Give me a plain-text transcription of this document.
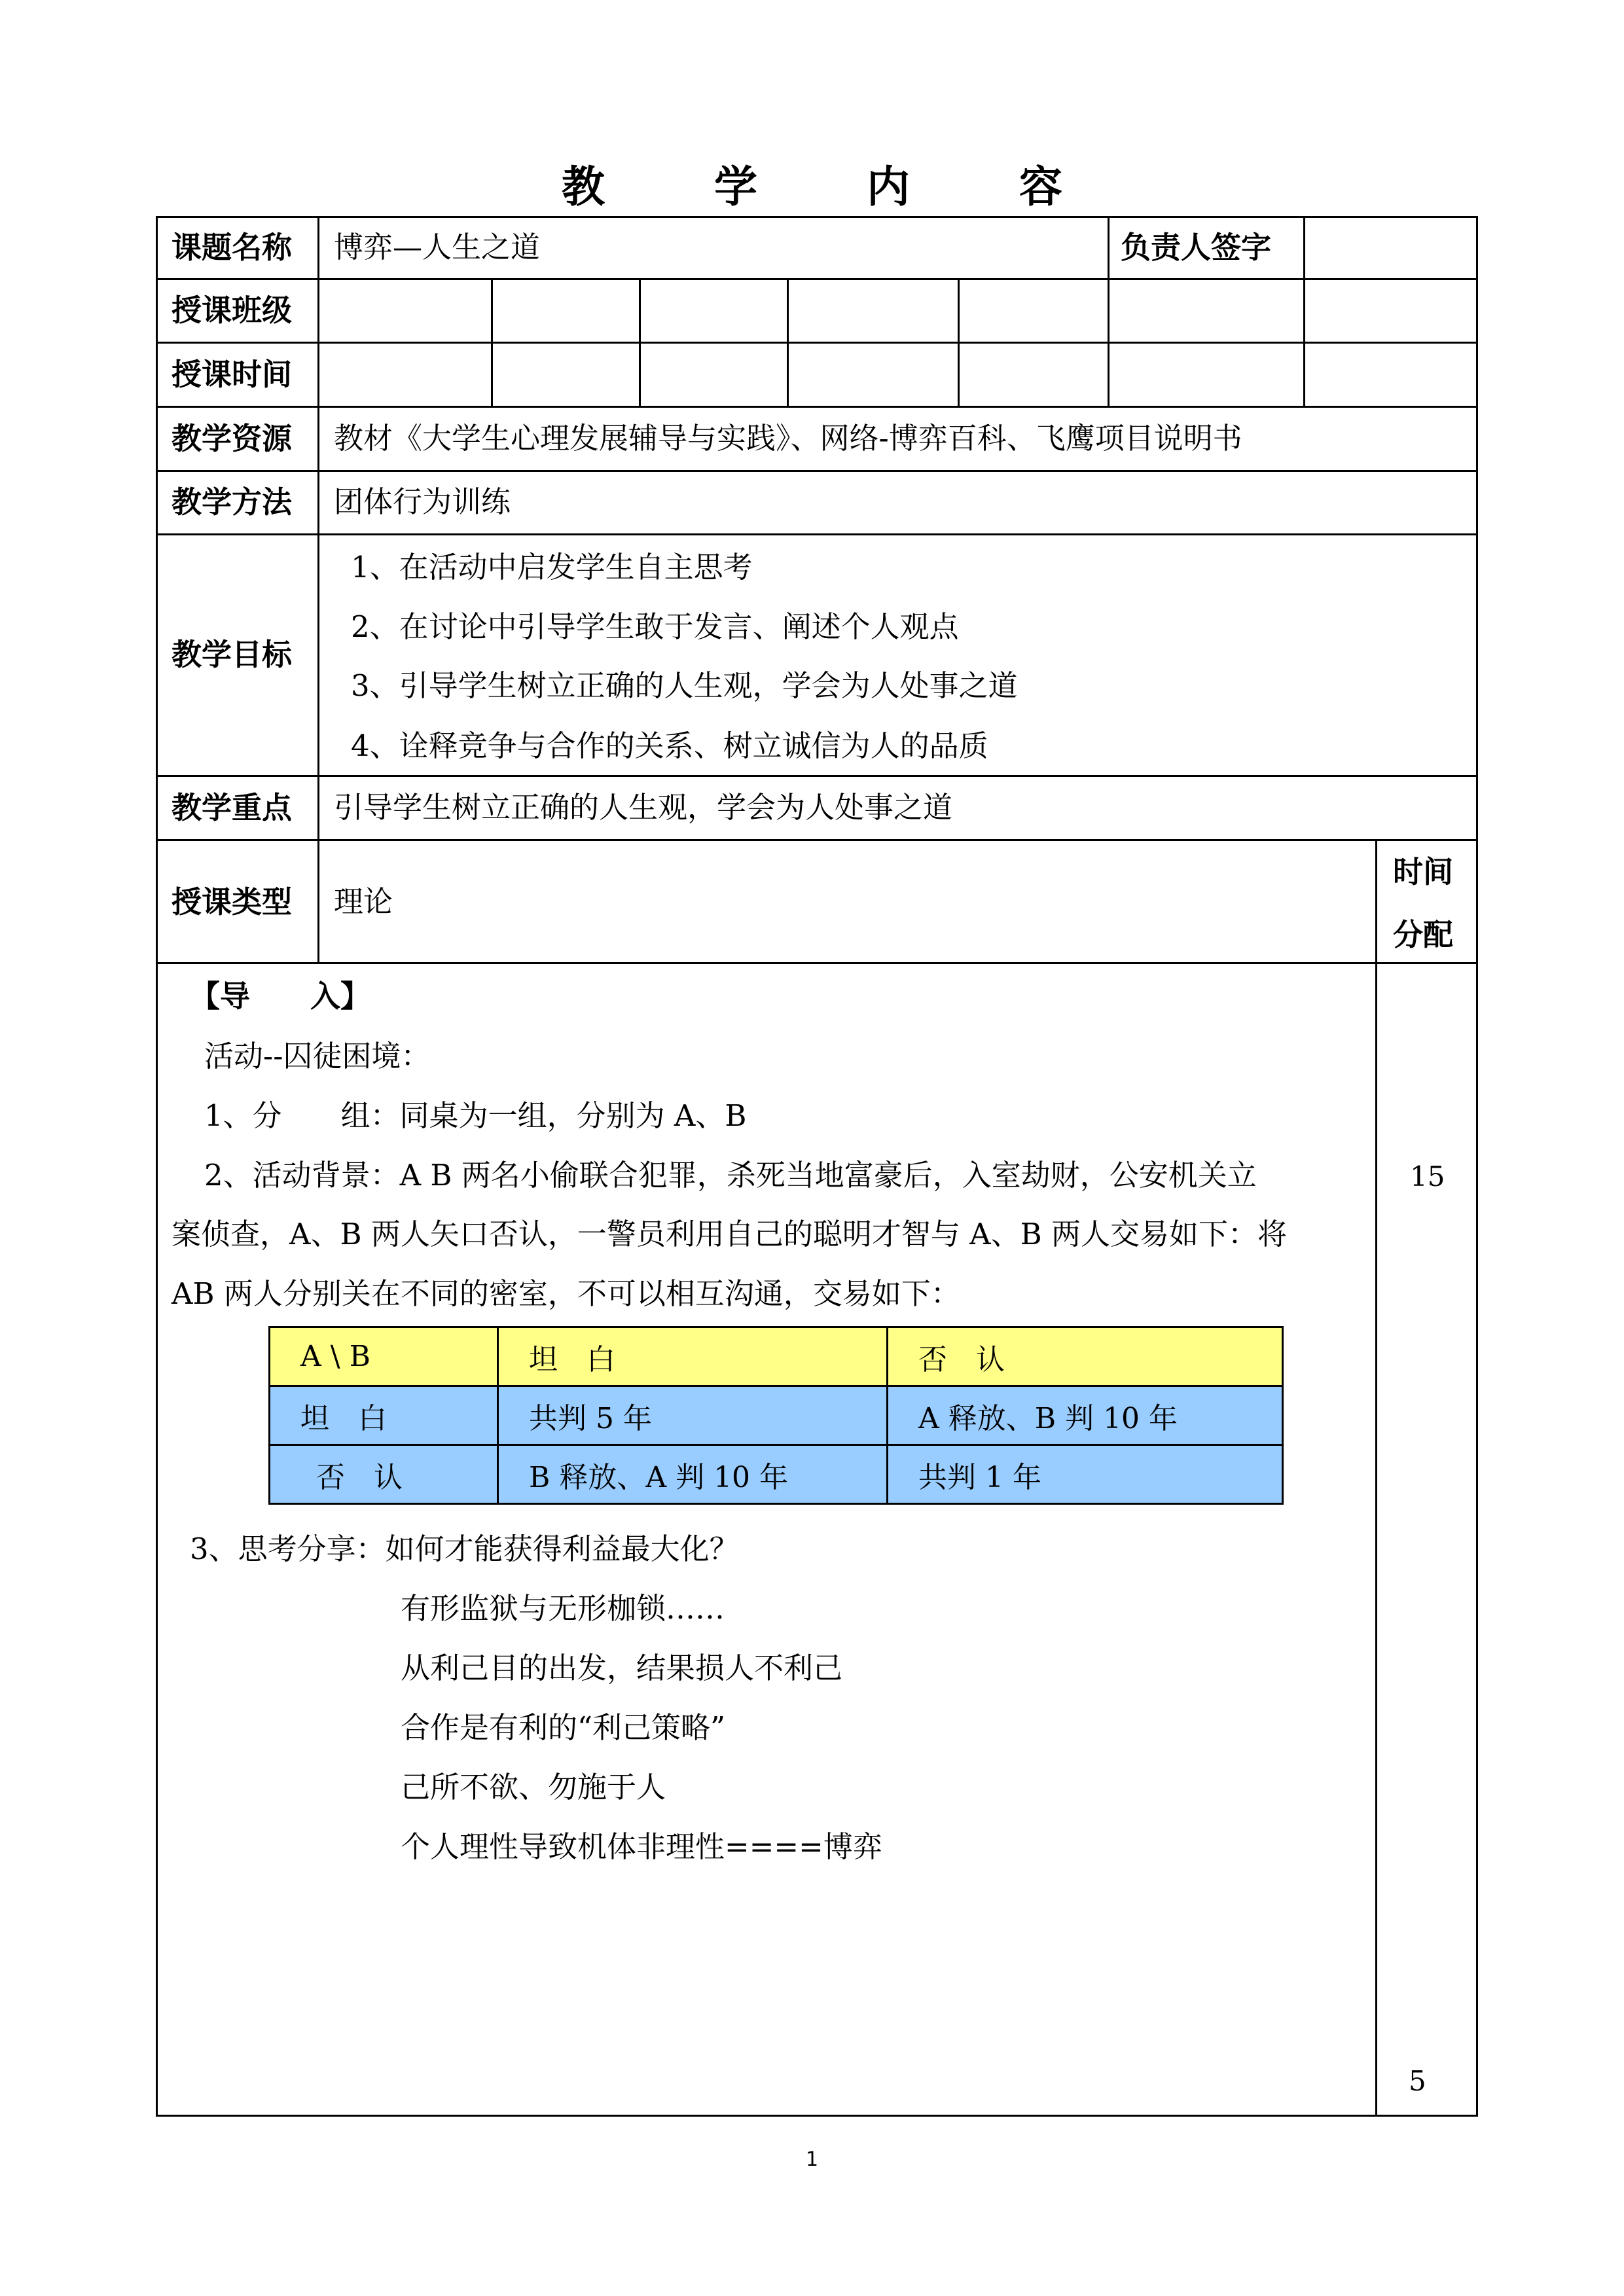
教 学 内 容
课题名称 博弈—人生之道	负责人签字
授课班级
授课时间
教学资源 教材《大学生心理发展辅导与实践》、网络-博弈百科、飞鹰项目说明书
教学方法 团体行为训练
教学目标
1、在活动中启发学生自主思考
2、在讨论中引导学生敢于发言、阐述个人观点
3、引导学生树立正确的人生观，学会为人处事之道
4、诠释竞争与合作的关系、树立诚信为人的品质
教学重点 引导学生树立正确的人生观，学会为人处事之道
授课类型 理论
时间
分配
【导　　入】
活动--囚徒困境：
1、分　　组：同桌为一组，分别为 A、B
2、活动背景：A B 两名小偷联合犯罪，杀死当地富豪后，入室劫财，公安机关立
案侦查，A、B 两人矢口否认，一警员利用自己的聪明才智与 A、B 两人交易如下：将
AB 两人分别关在不同的密室，不可以相互沟通，交易如下：
15
A \ B	坦　白	否　认
坦　白	共判 5 年	A 释放、B 判 10 年
否　认	B 释放、A 判 10 年	共判 1 年
3、思考分享：如何才能获得利益最大化？
有形监狱与无形枷锁……
从利己目的出发，结果损人不利己
合作是有利的“利己策略”
己所不欲、勿施于人
个人理性导致机体非理性====博弈
5
1
